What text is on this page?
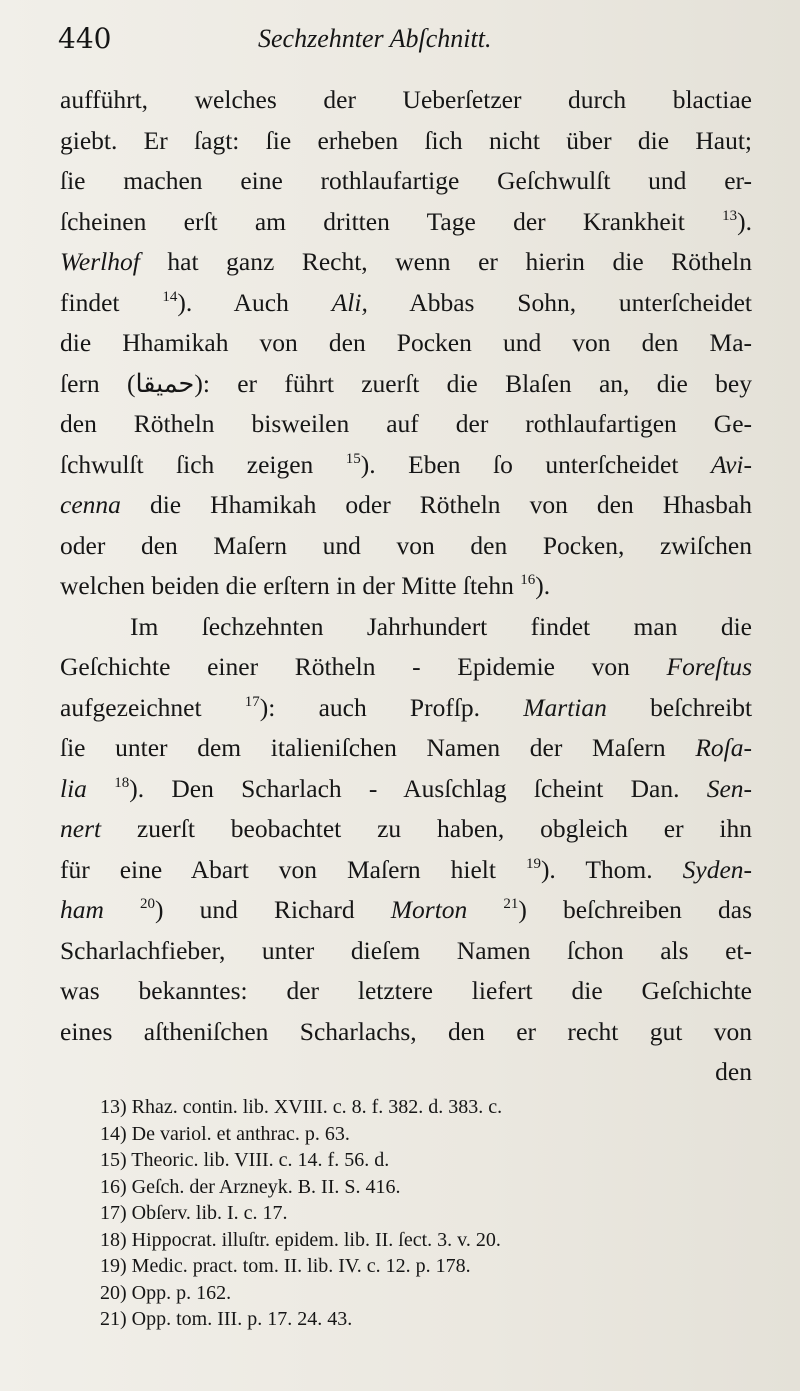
440	Sechzehnter Abſchnitt.
aufführt, welches der Ueberſetzer durch blactiae
giebt. Er ſagt: ſie erheben ſich nicht über die Haut;
ſie machen eine rothlaufartige Geſchwulſt und er-
ſcheinen erſt am dritten Tage der Krankheit $^{13}$).
Werlhof hat ganz Recht, wenn er hierin die Rötheln
findet	$^{14}$). Auch Ali, Abbas Sohn, unterſcheidet
die Hhamikah von den Pocken und von den Ma-
ſern (حميقا): er führt zuerſt die Blaſen an, die bey
den Rötheln bisweilen auf der rothlaufartigen Ge-
ſchwulſt ſich zeigen $^{15}$). Eben ſo unterſcheidet Avi-
cenna die Hhamikah oder Rötheln von den Hhasbah
oder den Maſern und von den Pocken, zwiſchen
welchen beiden die erſtern in der Mitte ſtehn $^{16}$).
Im ſechzehnten Jahrhundert findet man die
Geſchichte einer Rötheln - Epidemie von Foreſtus
aufgezeichnet	$^{17}$): auch Profſp. Martian beſchreibt
ſie unter dem italieniſchen Namen der Maſern Roſa-
lia $^{18}$). Den Scharlach - Ausſchlag ſcheint Dan. Sen-
nert zuerſt beobachtet zu haben, obgleich er ihn
für eine Abart von Maſern hielt $^{19}$). Thom. Syden-
ham $^{20}$) und Richard Morton $^{21}$) beſchreiben das
Scharlachfieber, unter dieſem Namen ſchon als et-
was bekanntes: der letztere liefert die Geſchichte
eines aſtheniſchen Scharlachs, den er recht gut von
den
13) Rhaz. contin. lib. XVIII. c. 8. f. 382. d. 383. c.
14) De variol. et anthrac. p. 63.
15) Theoric. lib. VIII. c. 14. f. 56. d.
16) Geſch. der Arzneyk. B. II. S. 416.
17) Obſerv. lib. I. c. 17.
18) Hippocrat. illuſtr. epidem. lib. II. ſect. 3. v. 20.
19) Medic. pract. tom. II. lib. IV. c. 12. p. 178.
20) Opp. p. 162.
21) Opp. tom. III. p. 17. 24. 43.
